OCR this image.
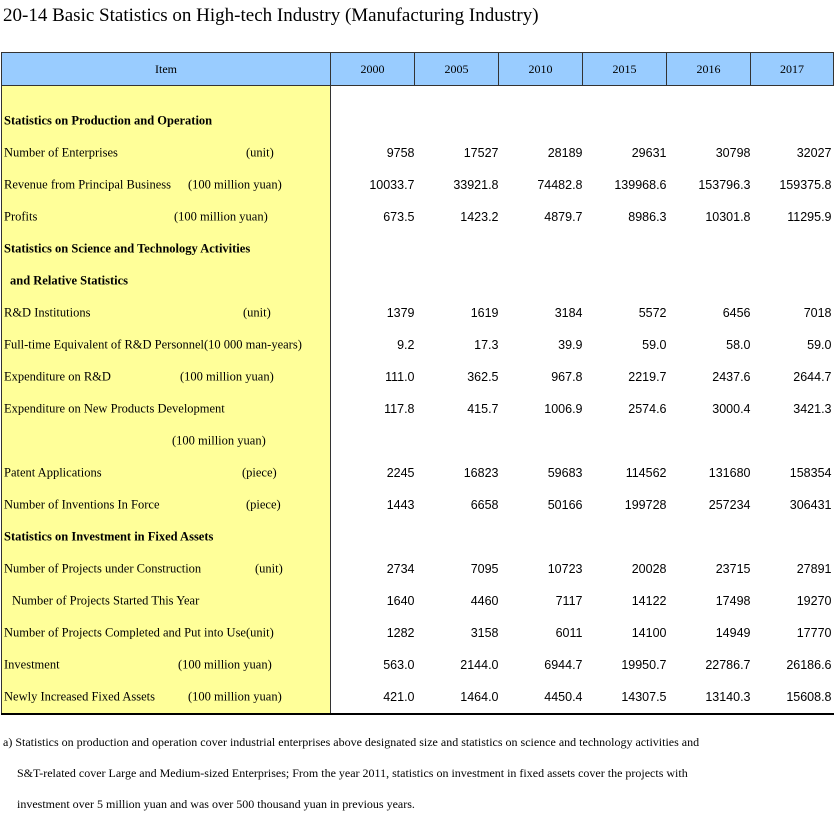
20-14 Basic Statistics on High-tech Industry (Manufacturing Industry)
Item	2000	2005	2010	2015	2016	2017

Statistics on Production and Operation						

Number of Enterprises (unit)	9758	17527	28189	29631	30798	32027

Revenue from Principal Business (100 million yuan)	10033.7	33921.8	74482.8	139968.6	153796.3	159375.8

Profits (100 million yuan)	673.5	1423.2	4879.7	8986.3	10301.8	11295.9

Statistics on Science and Technology Activities						

and Relative Statistics						

R&D Institutions (unit)	1379	1619	3184	5572	6456	7018

Full-time Equivalent of R&D Personnel(10 000 man-years)	9.2	17.3	39.9	59.0	58.0	59.0

Expenditure on R&D (100 million yuan)	111.0	362.5	967.8	2219.7	2437.6	2644.7

Expenditure on New Products Development	117.8	415.7	1006.9	2574.6	3000.4	3421.3

(100 million yuan)						

Patent Applications (piece)	2245	16823	59683	114562	131680	158354

Number of Inventions In Force (piece)	1443	6658	50166	199728	257234	306431

Statistics on Investment in Fixed Assets						

Number of Projects under Construction (unit)	2734	7095	10723	20028	23715	27891

Number of Projects Started This Year	1640	4460	7117	14122	17498	19270

Number of Projects Completed and Put into Use(unit)	1282	3158	6011	14100	14949	17770

Investment (100 million yuan)	563.0	2144.0	6944.7	19950.7	22786.7	26186.6

Newly Increased Fixed Assets (100 million yuan)	421.0	1464.0	4450.4	14307.5	13140.3	15608.8
a) Statistics on production and operation cover industrial enterprises above designated size and statistics on science and technology activities and
S&T-related cover Large and Medium-sized Enterprises; From the year 2011, statistics on investment in fixed assets cover the projects with
investment over 5 million yuan and was over 500 thousand yuan in previous years.
